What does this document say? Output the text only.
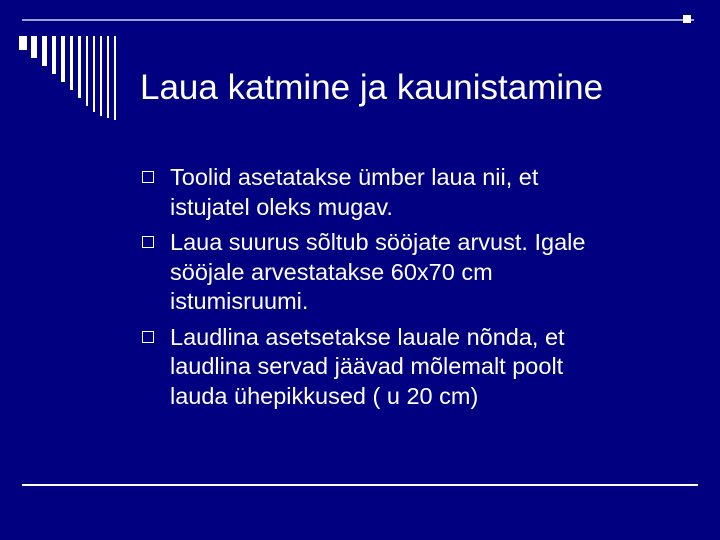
Laua katmine ja kaunistamine
Toolid asetatakse ümber laua nii, et
istujatel oleks mugav.
Laua suurus sõltub sööjate arvust. Igale
sööjale arvestatakse 60x70 cm
istumisruumi.
Laudlina asetsetakse lauale nõnda, et
laudlina servad jäävad mõlemalt poolt
lauda ühepikkused ( u 20 cm)
